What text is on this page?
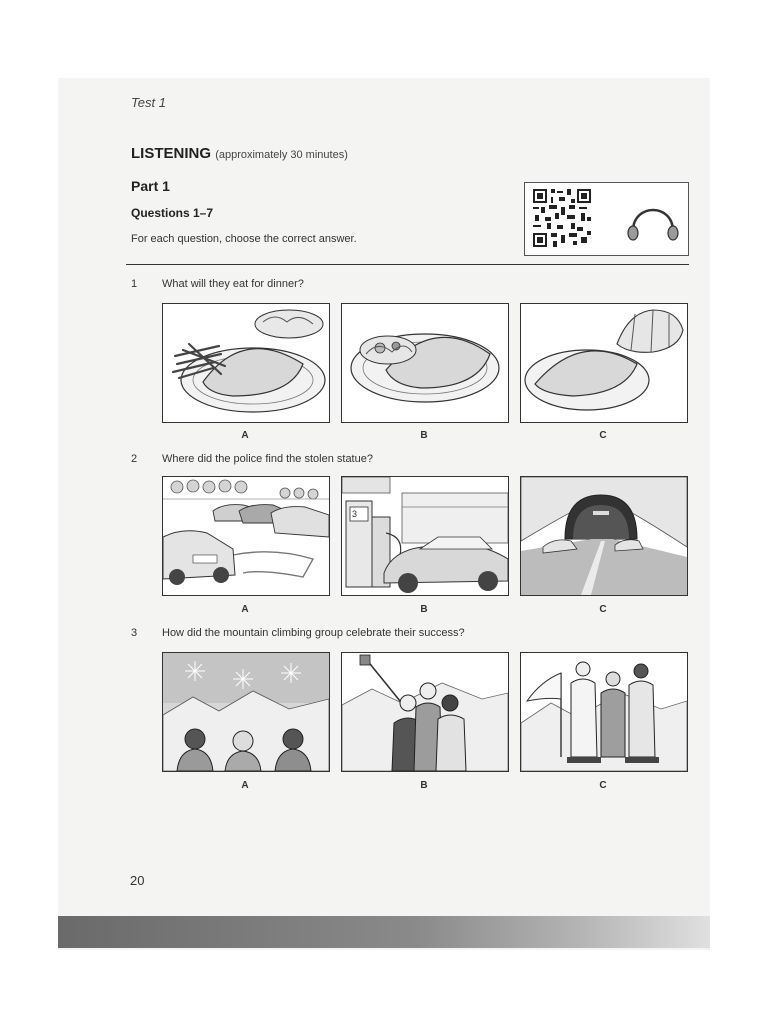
Test 1
LISTENING (approximately 30 minutes)
Part 1
Questions 1–7
For each question, choose the correct answer.
1 What will they eat for dinner?
A	B	C
2 Where did the police find the stolen statue?
3
A	B	C
3 How did the mountain climbing group celebrate their success?
A	B	C
20
